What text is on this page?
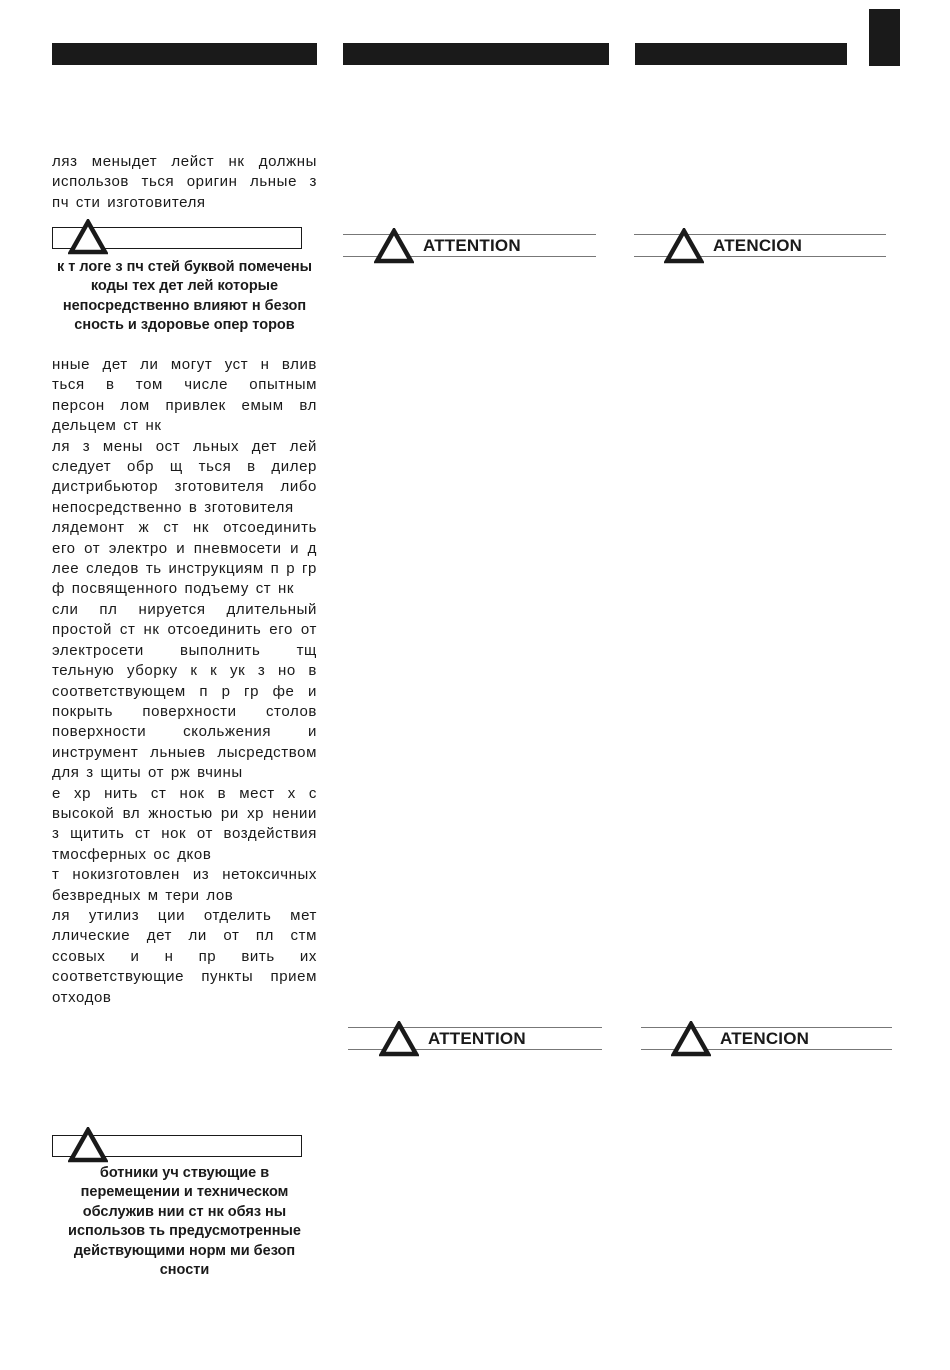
ляз меныдет лейст нк должны использов ться оригин льные з пч сти изготовителя

к т логе з пч стей буквой помечены коды тех дет лей которые непосредственно влияют н безоп сность и здоровье опер торов

нные дет ли могут уст н влив ться в том числе опытным персон лом привлек емым вл дельцем ст нк

ля з мены ост льных дет лей следует обр щ ться в дилер дистрибьютор зготовителя либо непосредственно в зготовителя

лядемонт ж ст нк отсоединить его от электро и пневмосети и д лее следов ть инструкциям п р гр ф посвященного подъему ст нк

сли пл нируется длительный простой ст нк отсоединить его от электросети выполнить тщ тельную уборку к к ук з но в соответствующем п р гр фе и покрыть поверхности столов поверхности скольжения и инструмент льныев лысредством для з щиты от рж вчины

е хр нить ст нок в мест х с высокой вл жностью ри хр нении з щитить ст нок от воздействия тмосферных ос дков

т нокизготовлен из нетоксичных безвредных м тери лов

ля утилиз ции отделить мет ллические дет ли от пл стм ссовых и н пр вить их соответствующие пункты прием отходов

ботники уч ствующие в перемещении и техническом обслужив нии ст нк обяз ны использов ть предусмотренные действующими норм ми безоп сности
ATTENTION
ATTENTION
ATENCION
ATENCION
